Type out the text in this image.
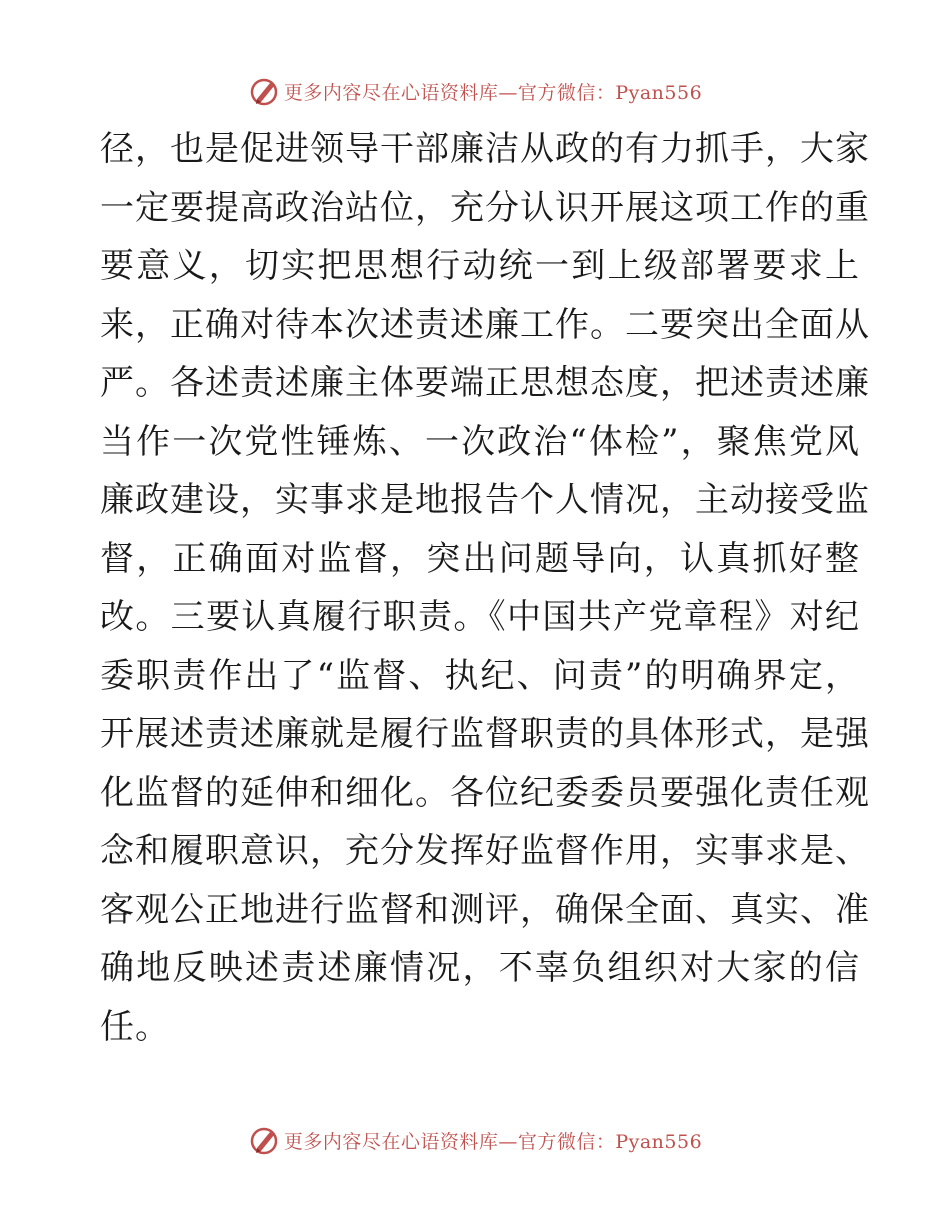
更多内容尽在心语资料库—官方微信：Pyan556
径，也是促进领导干部廉洁从政的有力抓手，大家
一定要提高政治站位，充分认识开展这项工作的重
要意义，切实把思想行动统一到上级部署要求上
来，正确对待本次述责述廉工作。二要突出全面从
严。各述责述廉主体要端正思想态度，把述责述廉
当作一次党性锤炼、一次政治“体检”，聚焦党风
廉政建设，实事求是地报告个人情况，主动接受监
督，正确面对监督，突出问题导向，认真抓好整
改。三要认真履行职责。《中国共产党章程》对纪
委职责作出了“监督、执纪、问责”的明确界定，
开展述责述廉就是履行监督职责的具体形式，是强
化监督的延伸和细化。各位纪委委员要强化责任观
念和履职意识，充分发挥好监督作用，实事求是、
客观公正地进行监督和测评，确保全面、真实、准
确地反映述责述廉情况，不辜负组织对大家的信
任。
更多内容尽在心语资料库—官方微信：Pyan556
